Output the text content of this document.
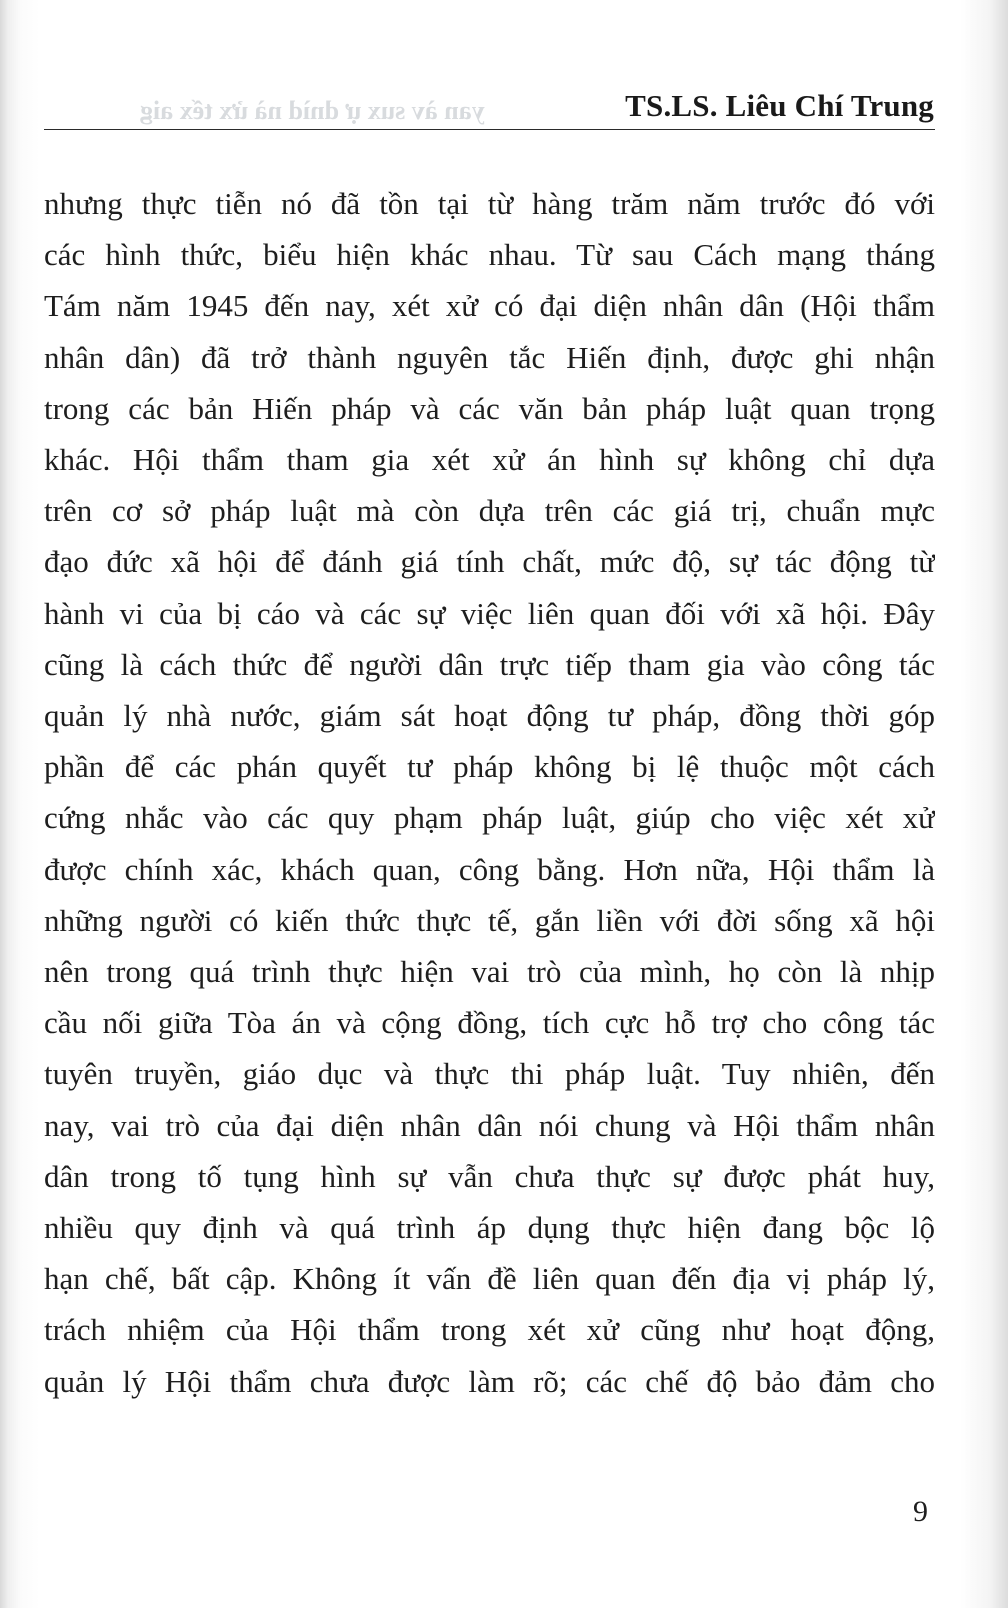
yan àv sux ự dnìd nà ửx tếx aig	TS.LS. Liêu Chí Trung
nhưng thực tiễn nó đã tồn tại từ hàng trăm năm trước đó với
các hình thức, biểu hiện khác nhau. Từ sau Cách mạng tháng
Tám năm 1945 đến nay, xét xử có đại diện nhân dân (Hội thẩm
nhân dân) đã trở thành nguyên tắc Hiến định, được ghi nhận
trong các bản Hiến pháp và các văn bản pháp luật quan trọng
khác. Hội thẩm tham gia xét xử án hình sự không chỉ dựa
trên cơ sở pháp luật mà còn dựa trên các giá trị, chuẩn mực
đạo đức xã hội để đánh giá tính chất, mức độ, sự tác động từ
hành vi của bị cáo và các sự việc liên quan đối với xã hội. Đây
cũng là cách thức để người dân trực tiếp tham gia vào công tác
quản lý nhà nước, giám sát hoạt động tư pháp, đồng thời góp
phần để các phán quyết tư pháp không bị lệ thuộc một cách
cứng nhắc vào các quy phạm pháp luật, giúp cho việc xét xử
được chính xác, khách quan, công bằng. Hơn nữa, Hội thẩm là
những người có kiến thức thực tế, gắn liền với đời sống xã hội
nên trong quá trình thực hiện vai trò của mình, họ còn là nhịp
cầu nối giữa Tòa án và cộng đồng, tích cực hỗ trợ cho công tác
tuyên truyền, giáo dục và thực thi pháp luật. Tuy nhiên, đến
nay, vai trò của đại diện nhân dân nói chung và Hội thẩm nhân
dân trong tố tụng hình sự vẫn chưa thực sự được phát huy,
nhiều quy định và quá trình áp dụng thực hiện đang bộc lộ
hạn chế, bất cập. Không ít vấn đề liên quan đến địa vị pháp lý,
trách nhiệm của Hội thẩm trong xét xử cũng như hoạt động,
quản lý Hội thẩm chưa được làm rõ; các chế độ bảo đảm cho
9
